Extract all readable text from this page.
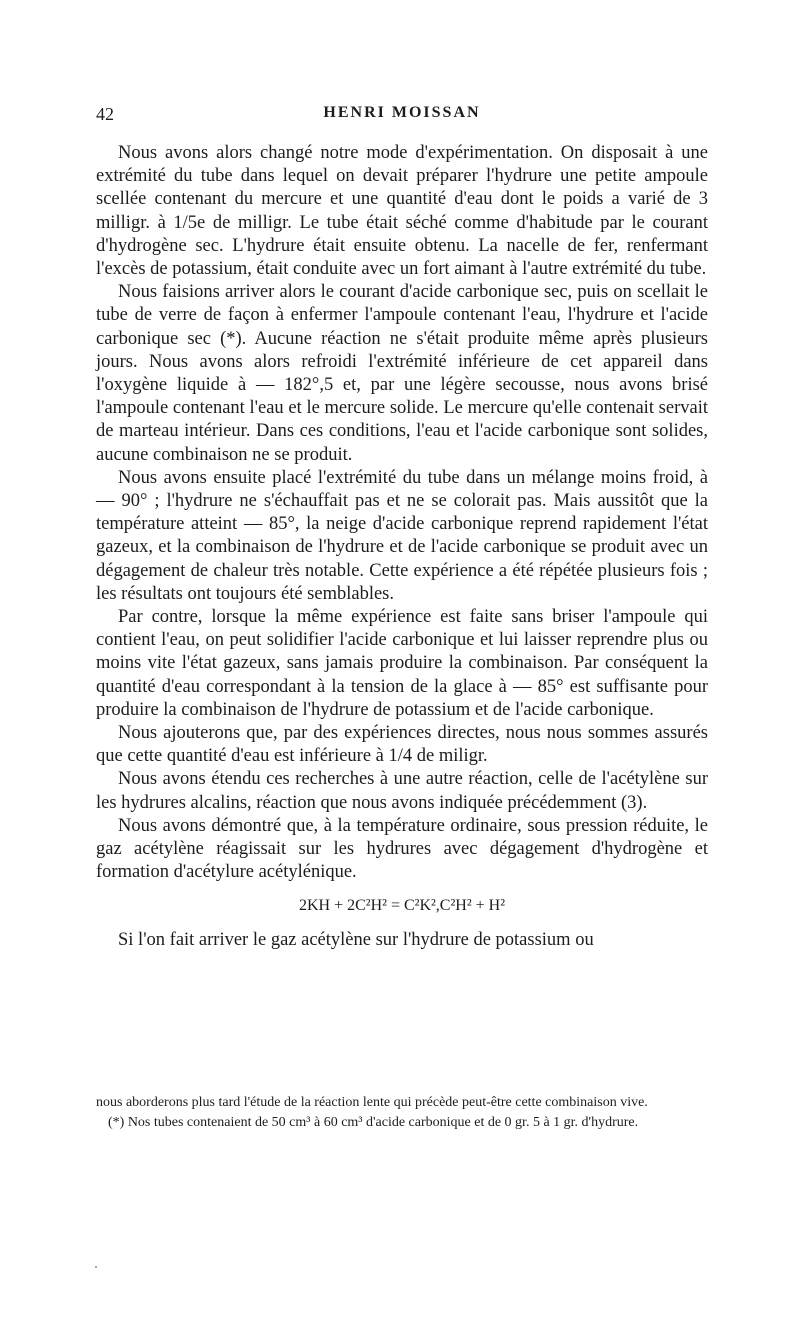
42	HENRI MOISSAN

Nous avons alors changé notre mode d'expérimentation. On disposait à une extrémité du tube dans lequel on devait préparer l'hydrure une petite ampoule scellée contenant du mercure et une quantité d'eau dont le poids a varié de 3 milligr. à 1/5e de milligr. Le tube était séché comme d'habitude par le courant d'hydrogène sec. L'hydrure était ensuite obtenu. La nacelle de fer, renfermant l'excès de potassium, était conduite avec un fort aimant à l'autre extrémité du tube.

Nous faisions arriver alors le courant d'acide carbonique sec, puis on scellait le tube de verre de façon à enfermer l'ampoule contenant l'eau, l'hydrure et l'acide carbonique sec (*). Aucune réaction ne s'était produite même après plusieurs jours. Nous avons alors refroidi l'extrémité inférieure de cet appareil dans l'oxygène liquide à — 182°,5 et, par une légère secousse, nous avons brisé l'ampoule contenant l'eau et le mercure solide. Le mercure qu'elle contenait servait de marteau intérieur. Dans ces conditions, l'eau et l'acide carbonique sont solides, aucune combinaison ne se produit.

Nous avons ensuite placé l'extrémité du tube dans un mélange moins froid, à — 90° ; l'hydrure ne s'échauffait pas et ne se colorait pas. Mais aussitôt que la température atteint — 85°, la neige d'acide carbonique reprend rapidement l'état gazeux, et la combinaison de l'hydrure et de l'acide carbonique se produit avec un dégagement de chaleur très notable. Cette expérience a été répétée plusieurs fois ; les résultats ont toujours été semblables.

Par contre, lorsque la même expérience est faite sans briser l'ampoule qui contient l'eau, on peut solidifier l'acide carbonique et lui laisser reprendre plus ou moins vite l'état gazeux, sans jamais produire la combinaison. Par conséquent la quantité d'eau correspondant à la tension de la glace à — 85° est suffisante pour produire la combinaison de l'hydrure de potassium et de l'acide carbonique.

Nous ajouterons que, par des expériences directes, nous nous sommes assurés que cette quantité d'eau est inférieure à 1/4 de miligr.

Nous avons étendu ces recherches à une autre réaction, celle de l'acétylène sur les hydrures alcalins, réaction que nous avons indiquée précédemment (3).

Nous avons démontré que, à la température ordinaire, sous pression réduite, le gaz acétylène réagissait sur les hydrures avec dégagement d'hydrogène et formation d'acétylure acétylénique.

2KH + 2C²H² = C²K²,C²H² + H²

Si l'on fait arriver le gaz acétylène sur l'hydrure de potassium ou

nous aborderons plus tard l'étude de la réaction lente qui précède peut-être cette combinaison vive.

(*) Nos tubes contenaient de 50 cm³ à 60 cm³ d'acide carbonique et de 0 gr. 5 à 1 gr. d'hydrure.
